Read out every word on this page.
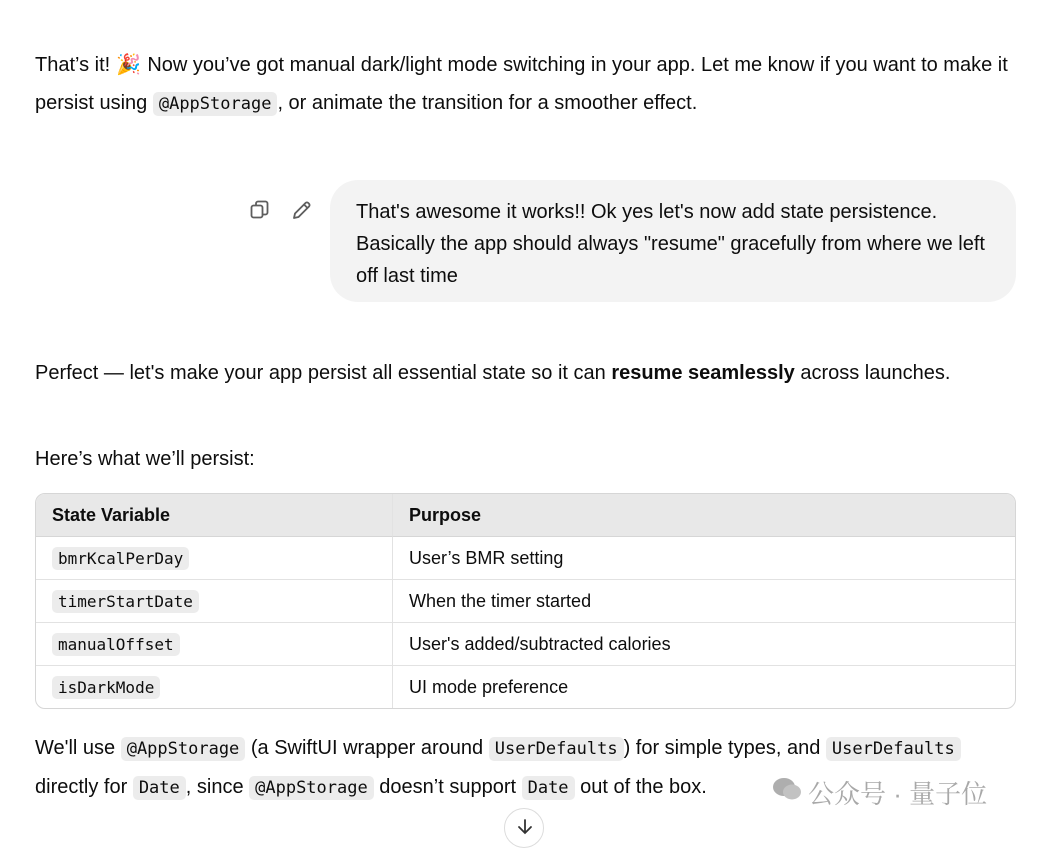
That’s it! 🎉 Now you’ve got manual dark/light mode switching in your app. Let me know if you want to make it persist using @AppStorage , or animate the transition for a smoother effect.

That's awesome it works!! Ok yes let's now add state persistence. Basically the app should always "resume" gracefully from where we left off last time

Perfect — let's make your app persist all essential state so it can resume seamlessly across launches.

Here’s what we’ll persist:

State Variable	Purpose
bmrKcalPerDay	User’s BMR setting
timerStartDate	When the timer started
manualOffset	User's added/subtracted calories
isDarkMode	UI mode preference

We'll use @AppStorage (a SwiftUI wrapper around UserDefaults ) for simple types, and UserDefaults directly for Date , since @AppStorage doesn’t support Date out of the box.	公众号 · 量子位
